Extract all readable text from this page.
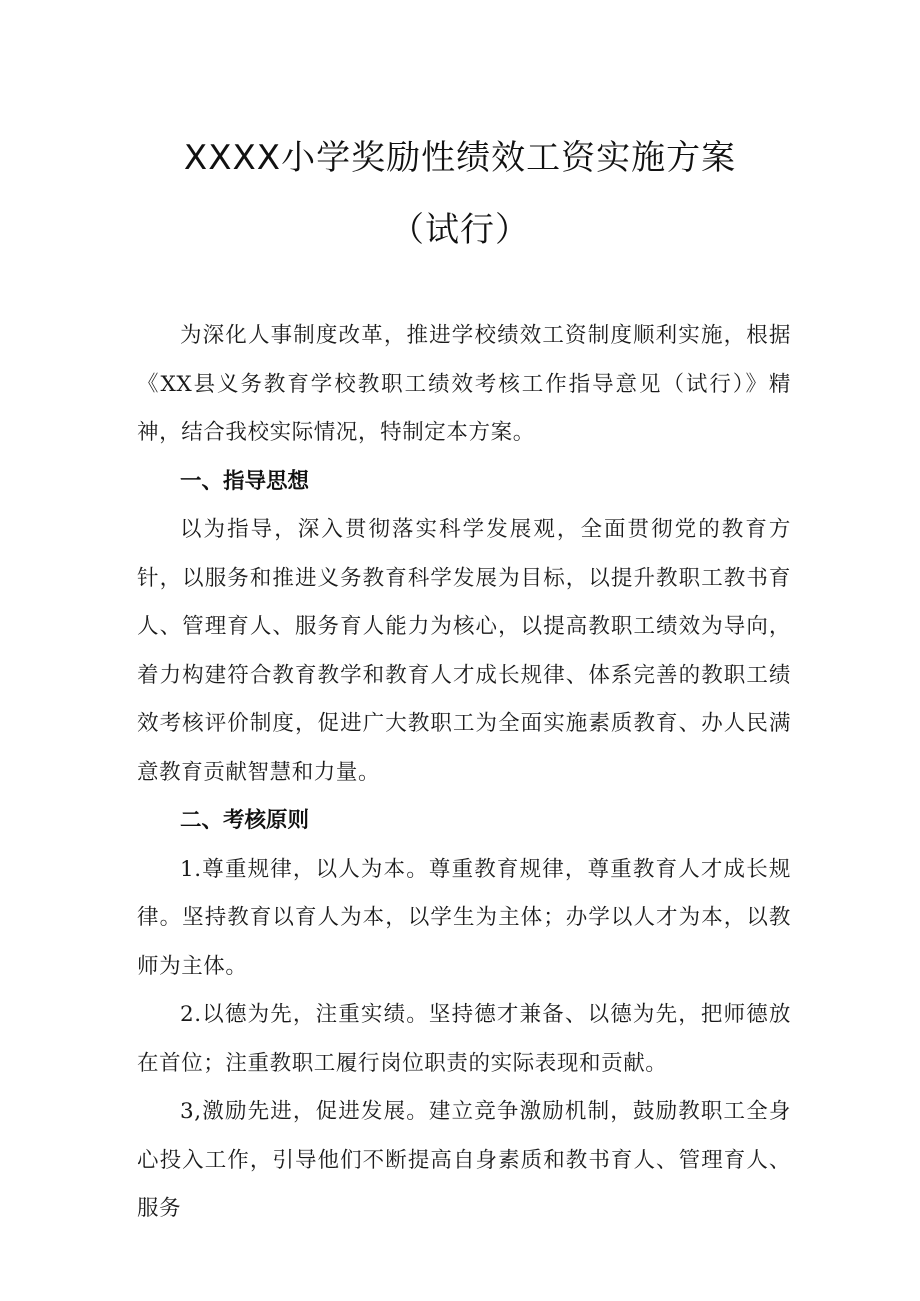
XXXX小学奖励性绩效工资实施方案
（试行）

为深化人事制度改革，推进学校绩效工资制度顺利实施，根据《XX县义务教育学校教职工绩效考核工作指导意见（试行）》精神，结合我校实际情况，特制定本方案。

一、指导思想

以为指导，深入贯彻落实科学发展观，全面贯彻党的教育方针，以服务和推进义务教育科学发展为目标，以提升教职工教书育人、管理育人、服务育人能力为核心，以提高教职工绩效为导向，着力构建符合教育教学和教育人才成长规律、体系完善的教职工绩效考核评价制度，促进广大教职工为全面实施素质教育、办人民满意教育贡献智慧和力量。

二、考核原则

1.尊重规律，以人为本。尊重教育规律，尊重教育人才成长规律。坚持教育以育人为本，以学生为主体；办学以人才为本，以教师为主体。

2.以德为先，注重实绩。坚持德才兼备、以德为先，把师德放在首位；注重教职工履行岗位职责的实际表现和贡献。

3,激励先进，促进发展。建立竞争激励机制，鼓励教职工全身心投入工作，引导他们不断提高自身素质和教书育人、管理育人、服务
